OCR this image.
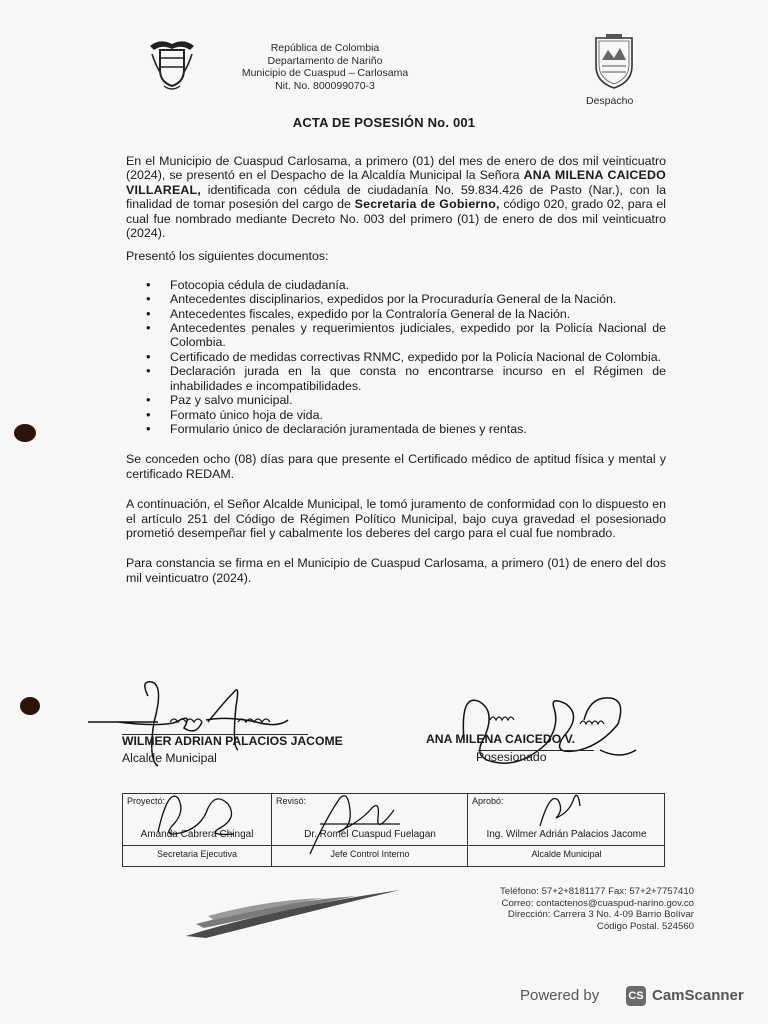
República de Colombia
Departamento de Nariño
Municipio de Cuaspud – Carlosama
Nit. No. 800099070-3
Despacho
ACTA DE POSESIÓN No. 001

En el Municipio de Cuaspud Carlosama, a primero (01) del mes de enero de dos mil veinticuatro (2024), se presentó en el Despacho de la Alcaldía Municipal la Señora ANA MILENA CAICEDO VILLAREAL, identificada con cédula de ciudadanía No. 59.834.426 de Pasto (Nar.), con la finalidad de tomar posesión del cargo de Secretaria de Gobierno, código 020, grado 02, para el cual fue nombrado mediante Decreto No. 003 del primero (01) de enero de dos mil veinticuatro (2024).

Presentó los siguientes documentos:

• Fotocopia cédula de ciudadanía.
• Antecedentes disciplinarios, expedidos por la Procuraduría General de la Nación.
• Antecedentes fiscales, expedido por la Contraloría General de la Nación.
• Antecedentes penales y requerimientos judiciales, expedido por la Policía Nacional de Colombia.
• Certificado de medidas correctivas RNMC, expedido por la Policía Nacional de Colombia.
• Declaración jurada en la que consta no encontrarse incurso en el Régimen de inhabilidades e incompatibilidades.
• Paz y salvo municipal.
• Formato único hoja de vida.
• Formulario único de declaración juramentada de bienes y rentas.

Se conceden ocho (08) días para que presente el Certificado médico de aptitud física y mental y certificado REDAM.

A continuación, el Señor Alcalde Municipal, le tomó juramento de conformidad con lo dispuesto en el artículo 251 del Código de Régimen Político Municipal, bajo cuya gravedad el posesionado prometió desempeñar fiel y cabalmente los deberes del cargo para el cual fue nombrado.

Para constancia se firma en el Municipio de Cuaspud Carlosama, a primero (01) de enero del dos mil veinticuatro (2024).

WILMER ADRIAN PALACIOS JACOME
Alcalde Municipal
ANA MILENA CAICEDO V.
Posesionado
Proyectó:
Amanda Cabrera Chingal
Secretaria Ejecutiva
Revisó:
Dr. Romel Cuaspud Fuelagan
Jefe Control Interno
Aprobó:
Ing. Wilmer Adrián Palacios Jacome
Alcalde Municipal
Teléfono: 57+2+8181177 Fax: 57+2+7757410
Correo: contactenos@cuaspud-narino.gov.co
Dirección: Carrera 3 No. 4-09 Barrio Bolívar
Código Postal. 524560
Powered by	CS CamScanner
